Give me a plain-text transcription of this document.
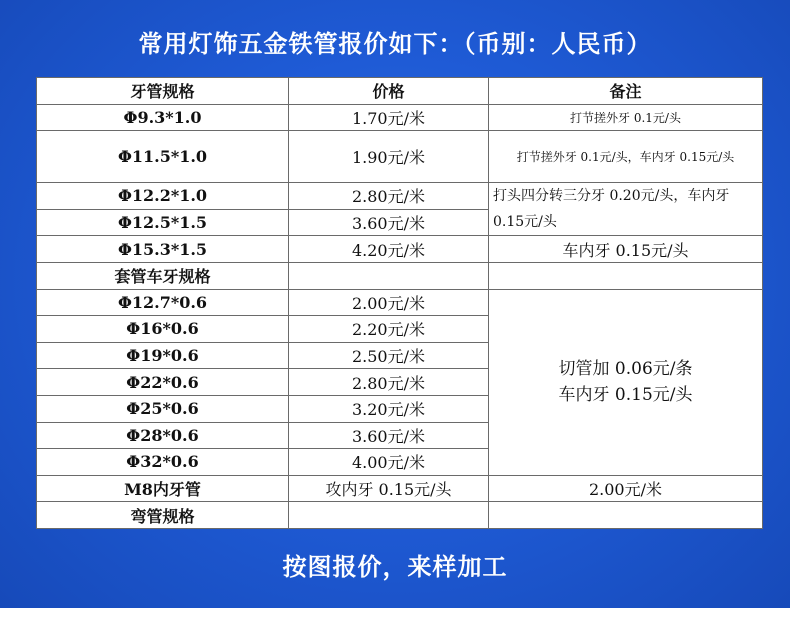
常用灯饰五金铁管报价如下：（币别：人民币）
牙管规格	价格	备注
Φ9.3*1.0	1.70元/米	打节搓外牙 0.1元/头
Φ11.5*1.0	1.90元/米	打节搓外牙 0.1元/头，车内牙 0.15元/头
Φ12.2*1.0	2.80元/米	打头四分转三分牙 0.20元/头，车内牙 0.15元/头
Φ12.5*1.5	3.60元/米	
Φ15.3*1.5	4.20元/米	车内牙 0.15元/头
套管车牙规格		
Φ12.7*0.6	2.00元/米	切管加 0.06元/条
车内牙 0.15元/头

Φ16*0.6	2.20元/米	
Φ19*0.6	2.50元/米	
Φ22*0.6	2.80元/米	
Φ25*0.6	3.20元/米	
Φ28*0.6	3.60元/米	
Φ32*0.6	4.00元/米	
M8内牙管	攻内牙 0.15元/头	2.00元/米
弯管规格		
按图报价，来样加工
